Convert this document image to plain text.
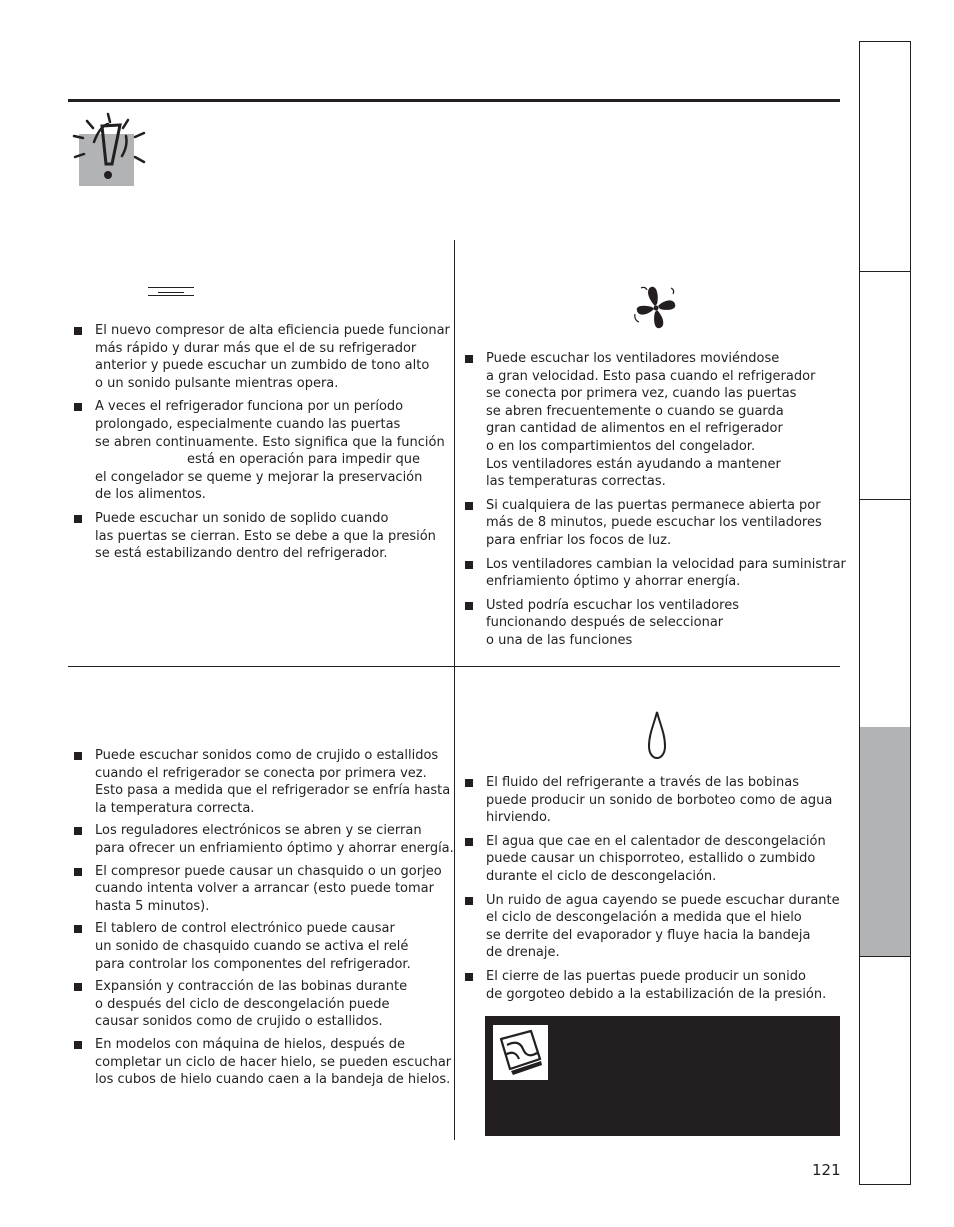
El nuevo compresor de alta eficiencia puede funcionar
más rápido y durar más que el de su refrigerador
anterior y puede escuchar un zumbido de tono alto
o un sonido pulsante mientras opera.
A veces el refrigerador funciona por un período
prolongado, especialmente cuando las puertas
se abren continuamente. Esto significa que la función
está en operación para impedir que
el congelador se queme y mejorar la preservación
de los alimentos.
Puede escuchar un sonido de soplido cuando
las puertas se cierran. Esto se debe a que la presión
se está estabilizando dentro del refrigerador.
Puede escuchar los ventiladores moviéndose
a gran velocidad. Esto pasa cuando el refrigerador
se conecta por primera vez, cuando las puertas
se abren frecuentemente o cuando se guarda
gran cantidad de alimentos en el refrigerador
o en los compartimientos del congelador.
Los ventiladores están ayudando a mantener
las temperaturas correctas.
Si cualquiera de las puertas permanece abierta por
más de 8 minutos, puede escuchar los ventiladores
para enfriar los focos de luz.
Los ventiladores cambian la velocidad para suministrar
enfriamiento óptimo y ahorrar energía.
Usted podría escuchar los ventiladores
funcionando después de seleccionar
o una de las funciones
Puede escuchar sonidos como de crujido o estallidos
cuando el refrigerador se conecta por primera vez.
Esto pasa a medida que el refrigerador se enfría hasta
la temperatura correcta.
Los reguladores electrónicos se abren y se cierran
para ofrecer un enfriamiento óptimo y ahorrar energía.
El compresor puede causar un chasquido o un gorjeo
cuando intenta volver a arrancar (esto puede tomar
hasta 5 minutos).
El tablero de control electrónico puede causar
un sonido de chasquido cuando se activa el relé
para controlar los componentes del refrigerador.
Expansión y contracción de las bobinas durante
o después del ciclo de descongelación puede
causar sonidos como de crujido o estallidos.
En modelos con máquina de hielos, después de
completar un ciclo de hacer hielo, se pueden escuchar
los cubos de hielo cuando caen a la bandeja de hielos.
El fluido del refrigerante a través de las bobinas
puede producir un sonido de borboteo como de agua
hirviendo.
El agua que cae en el calentador de descongelación
puede causar un chisporroteo, estallido o zumbido
durante el ciclo de descongelación.
Un ruido de agua cayendo se puede escuchar durante
el ciclo de descongelación a medida que el hielo
se derrite del evaporador y fluye hacia la bandeja
de drenaje.
El cierre de las puertas puede producir un sonido
de gorgoteo debido a la estabilización de la presión.
121
